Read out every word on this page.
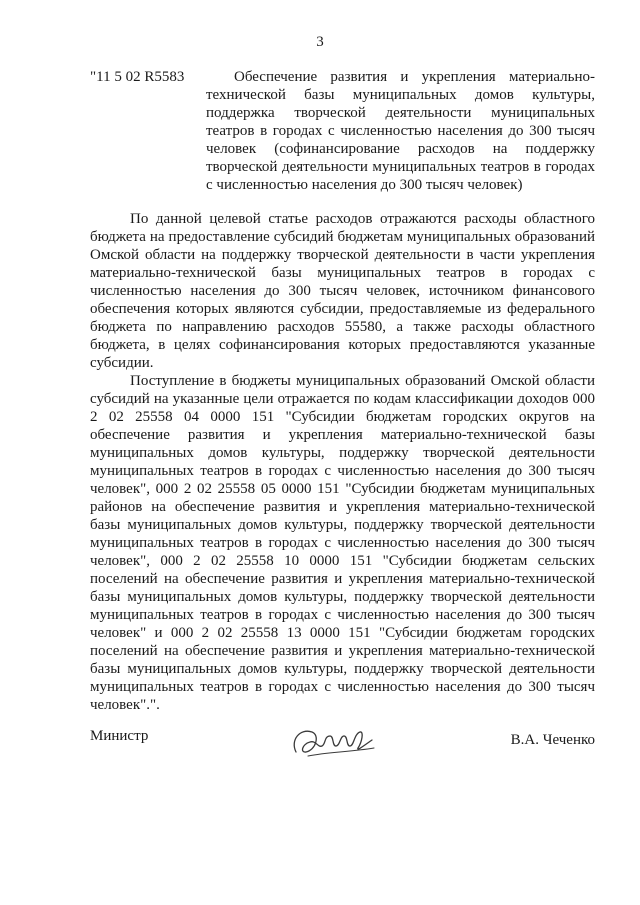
3
"11 5 02 R5583	Обеспечение развития и укрепления материально-технической базы муниципальных домов культуры, поддержка творческой деятельности муниципальных театров в городах с численностью населения до 300 тысяч человек (софинансирование расходов на поддержку творческой деятельности муниципальных театров в городах с численностью населения до 300 тысяч человек)

По данной целевой статье расходов отражаются расходы областного бюджета на предоставление субсидий бюджетам муниципальных образований Омской области на поддержку творческой деятельности в части укрепления материально-технической базы муниципальных театров в городах с численностью населения до 300 тысяч человек, источником финансового обеспечения которых являются субсидии, предоставляемые из федерального бюджета по направлению расходов 55580, а также расходы областного бюджета, в целях софинансирования которых предоставляются указанные субсидии.

Поступление в бюджеты муниципальных образований Омской области субсидий на указанные цели отражается по кодам классификации доходов 000 2 02 25558 04 0000 151 "Субсидии бюджетам городских округов на обеспечение развития и укрепления материально-технической базы муниципальных домов культуры, поддержку творческой деятельности муниципальных театров в городах с численностью населения до 300 тысяч человек", 000 2 02 25558 05 0000 151 "Субсидии бюджетам муниципальных районов на обеспечение развития и укрепления материально-технической базы муниципальных домов культуры, поддержку творческой деятельности муниципальных театров в городах с численностью населения до 300 тысяч человек", 000 2 02 25558 10 0000 151 "Субсидии бюджетам сельских поселений на обеспечение развития и укрепления материально-технической базы муниципальных домов культуры, поддержку творческой деятельности муниципальных театров в городах с численностью населения до 300 тысяч человек" и 000 2 02 25558 13 0000 151 "Субсидии бюджетам городских поселений на обеспечение развития и укрепления материально-технической базы муниципальных домов культуры, поддержку творческой деятельности муниципальных театров в городах с численностью населения до 300 тысяч человек".".

Министр	В.А. Чеченко
